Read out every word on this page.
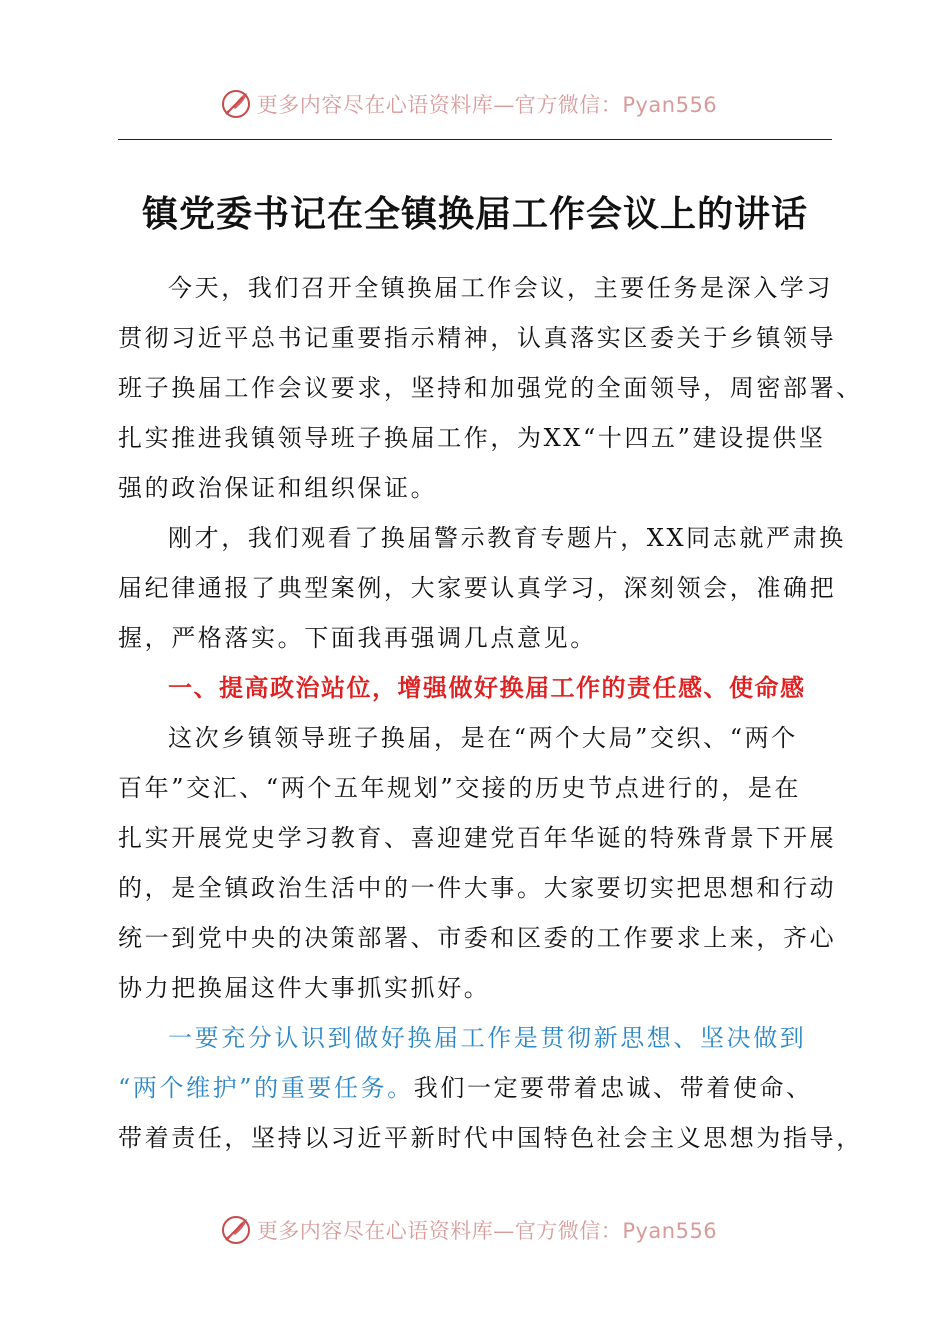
更多内容尽在心语资料库—官方微信：Pyan556
镇党委书记在全镇换届工作会议上的讲话
今天，我们召开全镇换届工作会议，主要任务是深入学习
贯彻习近平总书记重要指示精神，认真落实区委关于乡镇领导
班子换届工作会议要求，坚持和加强党的全面领导，周密部署、
扎实推进我镇领导班子换届工作，为XX“十四五”建设提供坚
强的政治保证和组织保证。
刚才，我们观看了换届警示教育专题片，XX同志就严肃换
届纪律通报了典型案例，大家要认真学习，深刻领会，准确把
握，严格落实。下面我再强调几点意见。
一、提高政治站位，增强做好换届工作的责任感、使命感
这次乡镇领导班子换届，是在“两个大局”交织、“两个
百年”交汇、“两个五年规划”交接的历史节点进行的，是在
扎实开展党史学习教育、喜迎建党百年华诞的特殊背景下开展
的，是全镇政治生活中的一件大事。大家要切实把思想和行动
统一到党中央的决策部署、市委和区委的工作要求上来，齐心
协力把换届这件大事抓实抓好。
一要充分认识到做好换届工作是贯彻新思想、坚决做到
“两个维护”的重要任务。我们一定要带着忠诚、带着使命、
带着责任，坚持以习近平新时代中国特色社会主义思想为指导，
更多内容尽在心语资料库—官方微信：Pyan556
